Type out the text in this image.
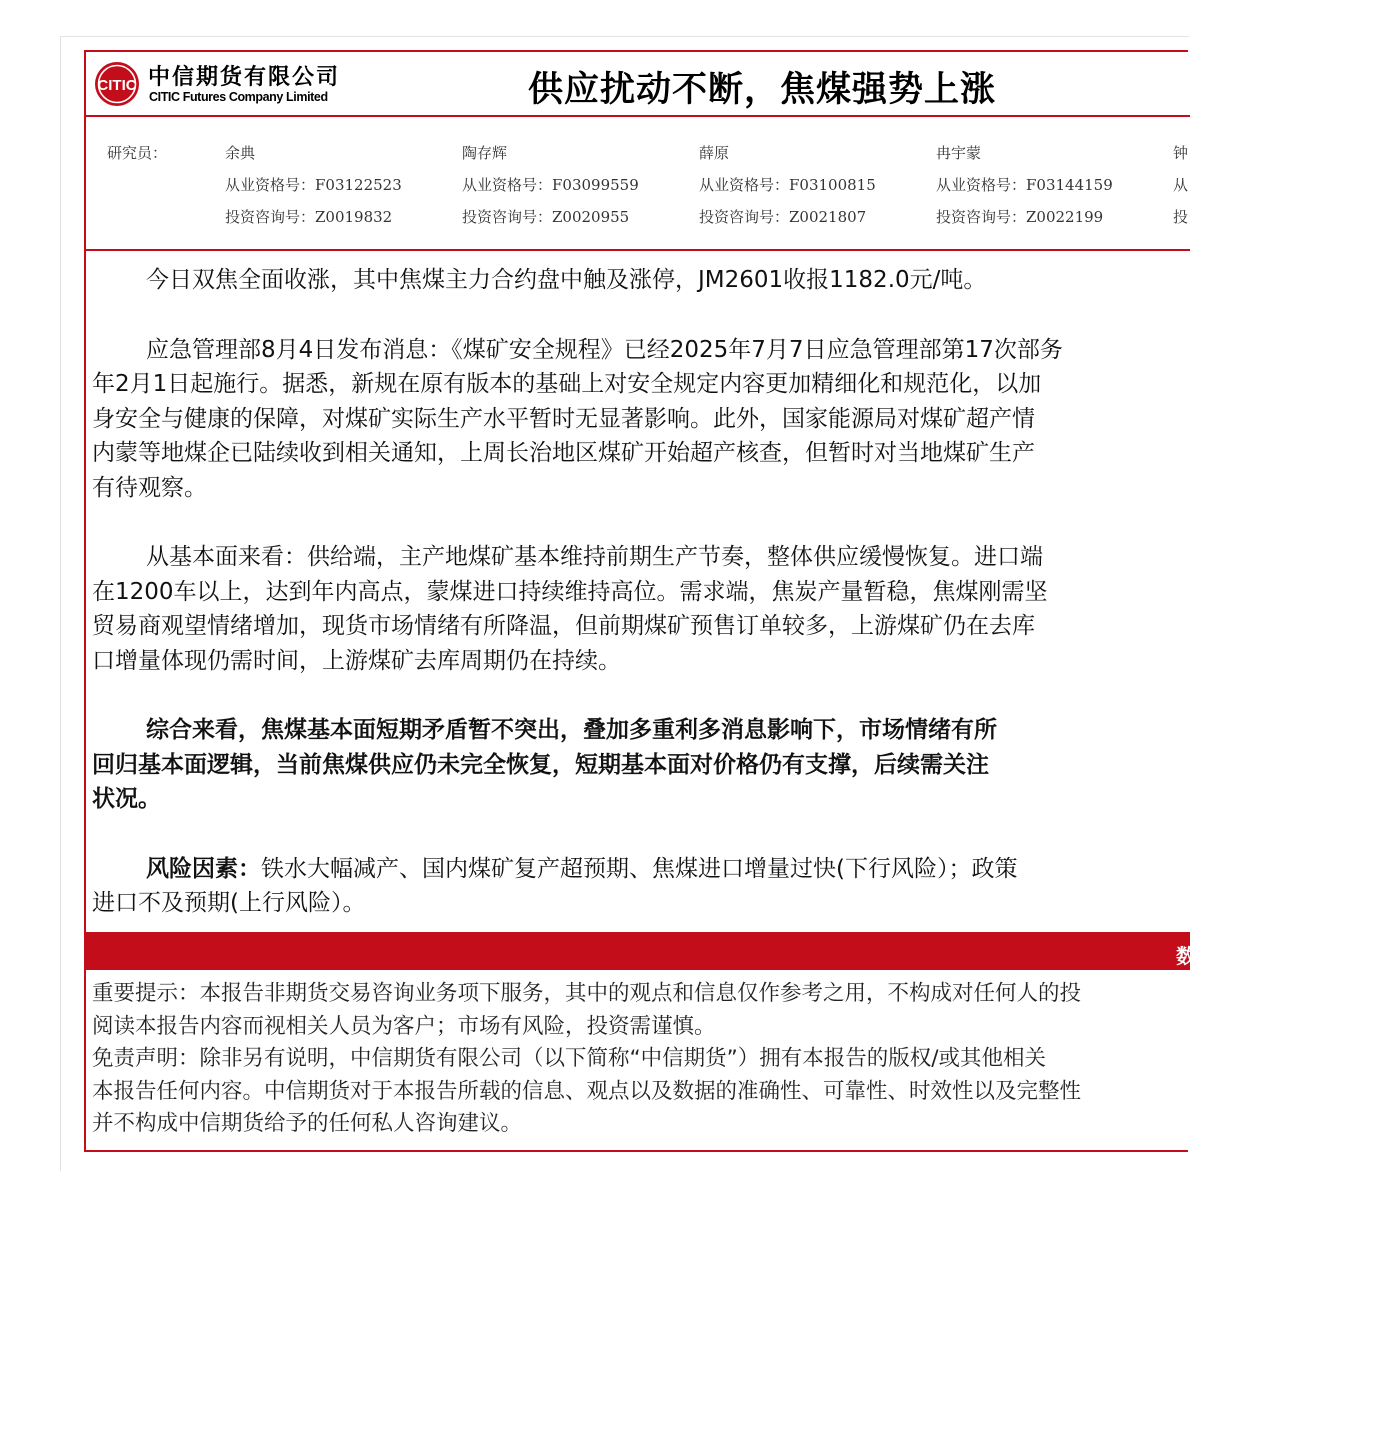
CITIC 中信期货有限公司
CITIC Futures Company Limited	供应扰动不断，焦煤强势上涨
研究员：	余典
从业资格号：F03122523
投资咨询号：Z0019832
陶存辉
从业资格号：F03099559
投资咨询号：Z0020955
薛原
从业资格号：F03100815
投资咨询号：Z0021807
冉宇蒙
从业资格号：F03144159
投资咨询号：Z0022199
钟
从
投

今日双焦全面收涨，其中焦煤主力合约盘中触及涨停，JM2601收报1182.0元/吨。

应急管理部8月4日发布消息：《煤矿安全规程》已经2025年7月7日应急管理部第17次部务
年2月1日起施行。据悉，新规在原有版本的基础上对安全规定内容更加精细化和规范化，以加
身安全与健康的保障，对煤矿实际生产水平暂时无显著影响。此外，国家能源局对煤矿超产情
内蒙等地煤企已陆续收到相关通知，上周长治地区煤矿开始超产核查，但暂时对当地煤矿生产
有待观察。

从基本面来看：供给端，主产地煤矿基本维持前期生产节奏，整体供应缓慢恢复。进口端
在1200车以上，达到年内高点，蒙煤进口持续维持高位。需求端，焦炭产量暂稳，焦煤刚需坚
贸易商观望情绪增加，现货市场情绪有所降温，但前期煤矿预售订单较多，上游煤矿仍在去库
口增量体现仍需时间，上游煤矿去库周期仍在持续。

综合来看，焦煤基本面短期矛盾暂不突出，叠加多重利多消息影响下，市场情绪有所
回归基本面逻辑，当前焦煤供应仍未完全恢复，短期基本面对价格仍有支撑，后续需关注
状况。

风险因素：铁水大幅减产、国内煤矿复产超预期、焦煤进口增量过快(下行风险）；政策
进口不及预期(上行风险）。

数
重要提示：本报告非期货交易咨询业务项下服务，其中的观点和信息仅作参考之用，不构成对任何人的投
阅读本报告内容而视相关人员为客户；市场有风险，投资需谨慎。
免责声明：除非另有说明，中信期货有限公司（以下简称“中信期货”）拥有本报告的版权/或其他相关
本报告任何内容。中信期货对于本报告所载的信息、观点以及数据的准确性、可靠性、时效性以及完整性
并不构成中信期货给予的任何私人咨询建议。
